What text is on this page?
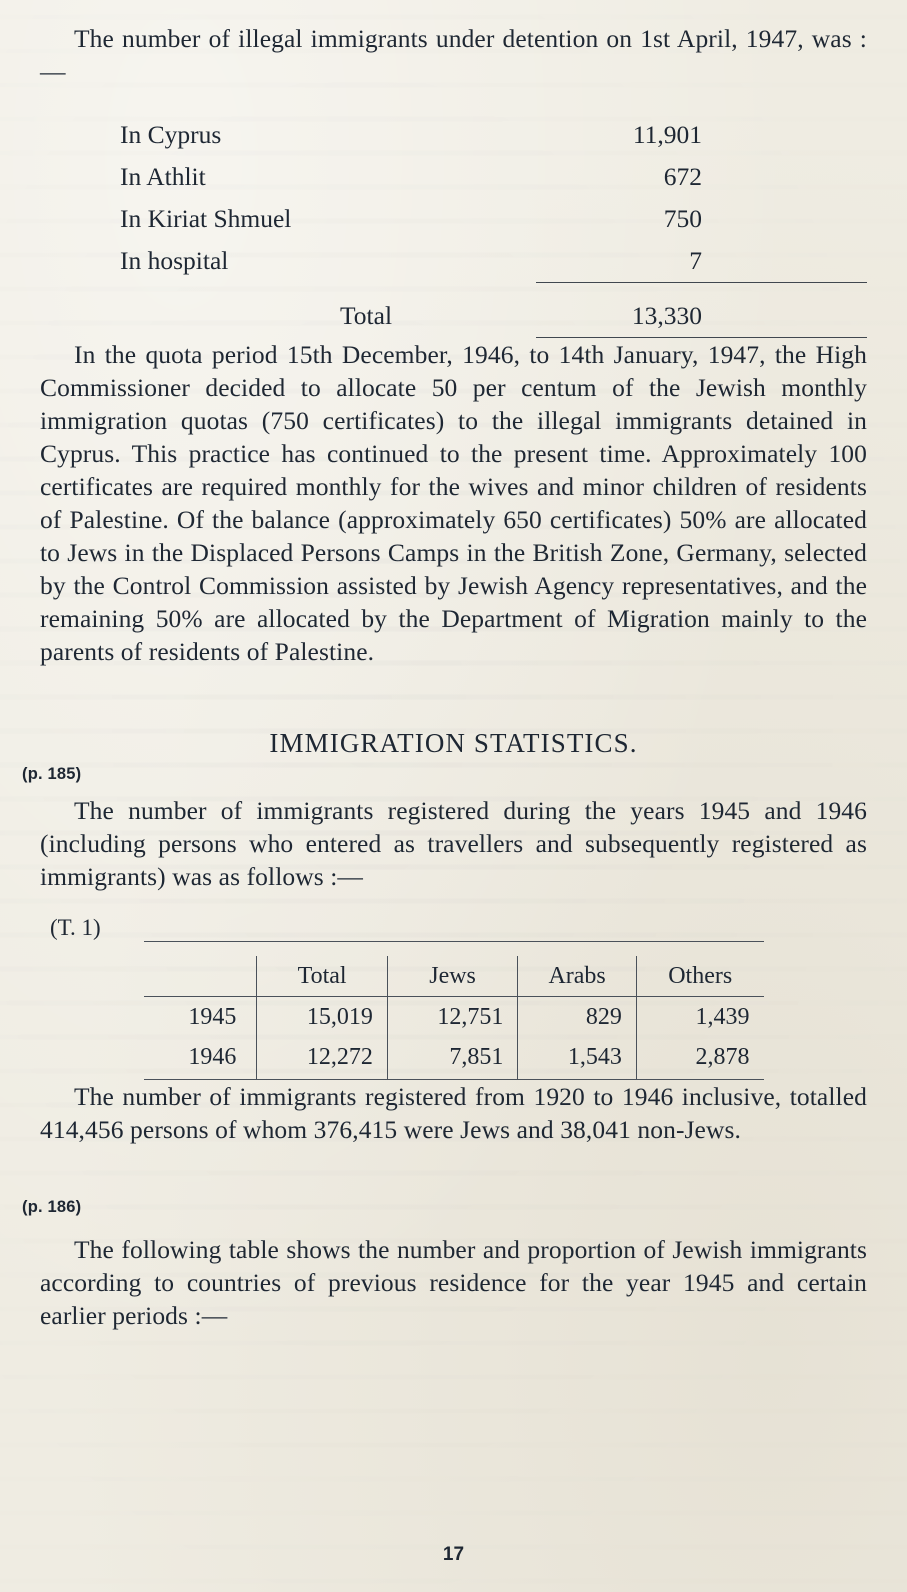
The number of illegal immigrants under detention on 1st April, 1947, was :—

In Cyprus	11,901
In Athlit	672
In Kiriat Shmuel	750
In hospital	7
Total	13,330

In the quota period 15th December, 1946, to 14th January, 1947, the High Commissioner decided to allocate 50 per centum of the Jewish monthly immigration quotas (750 certificates) to the illegal immigrants detained in Cyprus. This practice has continued to the present time. Approximately 100 certificates are required monthly for the wives and minor children of residents of Palestine. Of the balance (approximately 650 certificates) 50% are allocated to Jews in the Displaced Persons Camps in the British Zone, Germany, selected by the Control Commission assisted by Jewish Agency representatives, and the remaining 50% are allocated by the Department of Migration mainly to the parents of residents of Palestine.

IMMIGRATION STATISTICS.
(p. 185)

The number of immigrants registered during the years 1945 and 1946 (including persons who entered as travellers and subsequently registered as immigrants) was as follows :—

(T. 1)
	Total	Jews	Arabs	Others
1945	15,019	12,751	829	1,439
1946	12,272	7,851	1,543	2,878

The number of immigrants registered from 1920 to 1946 inclusive, totalled 414,456 persons of whom 376,415 were Jews and 38,041 non-Jews.

(p. 186)

The following table shows the number and proportion of Jewish immigrants according to countries of previous residence for the year 1945 and certain earlier periods :—

17
